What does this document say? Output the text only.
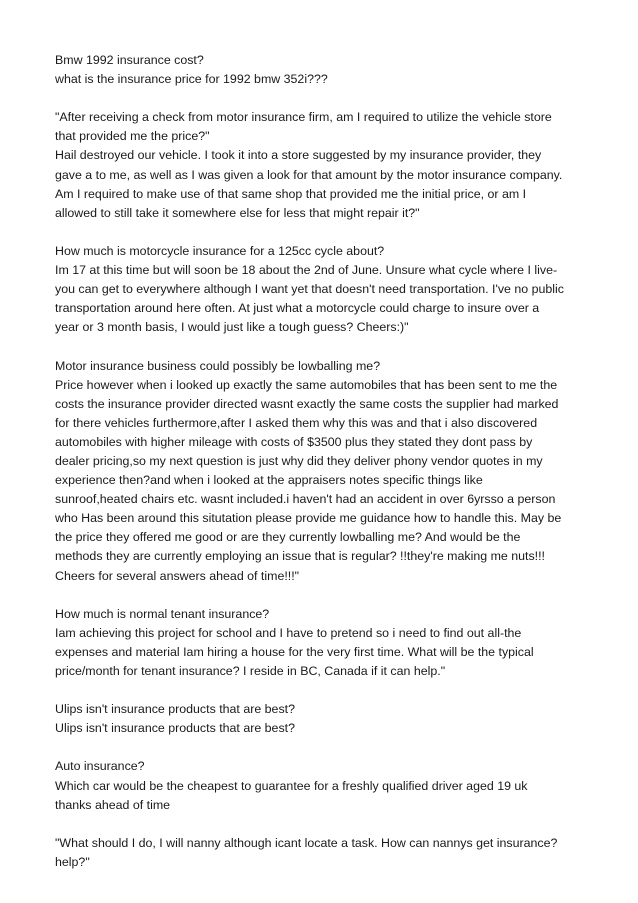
Bmw 1992 insurance cost?
what is the insurance price for 1992 bmw 352i???
"After receiving a check from motor insurance firm, am I required to utilize the vehicle store
that provided me the price?"
Hail destroyed our vehicle. I took it into a store suggested by my insurance provider, they
gave a to me, as well as I was given a look for that amount by the motor insurance company.
Am I required to make use of that same shop that provided me the initial price, or am I
allowed to still take it somewhere else for less that might repair it?"
How much is motorcycle insurance for a 125cc cycle about?
Im 17 at this time but will soon be 18 about the 2nd of June. Unsure what cycle where I live-
you can get to everywhere although I want yet that doesn't need transportation. I've no public
transportation around here often. At just what a motorcycle could charge to insure over a
year or 3 month basis, I would just like a tough guess? Cheers:)"
Motor insurance business could possibly be lowballing me?
Price however when i looked up exactly the same automobiles that has been sent to me the
costs the insurance provider directed wasnt exactly the same costs the supplier had marked
for there vehicles furthermore,after I asked them why this was and that i also discovered
automobiles with higher mileage with costs of $3500 plus they stated they dont pass by
dealer pricing,so my next question is just why did they deliver phony vendor quotes in my
experience then?and when i looked at the appraisers notes specific things like
sunroof,heated chairs etc. wasnt included.i haven't had an accident in over 6yrsso a person
who Has been around this situtation please provide me guidance how to handle this. May be
the price they offered me good or are they currently lowballing me? And would be the
methods they are currently employing an issue that is regular? !!they're making me nuts!!!
Cheers for several answers ahead of time!!!"
How much is normal tenant insurance?
Iam achieving this project for school and I have to pretend so i need to find out all-the
expenses and material Iam hiring a house for the very first time. What will be the typical
price/month for tenant insurance? I reside in BC, Canada if it can help."
Ulips isn't insurance products that are best?
Ulips isn't insurance products that are best?
Auto insurance?
Which car would be the cheapest to guarantee for a freshly qualified driver aged 19 uk
thanks ahead of time
"What should I do, I will nanny although icant locate a task. How can nannys get insurance?
help?"
